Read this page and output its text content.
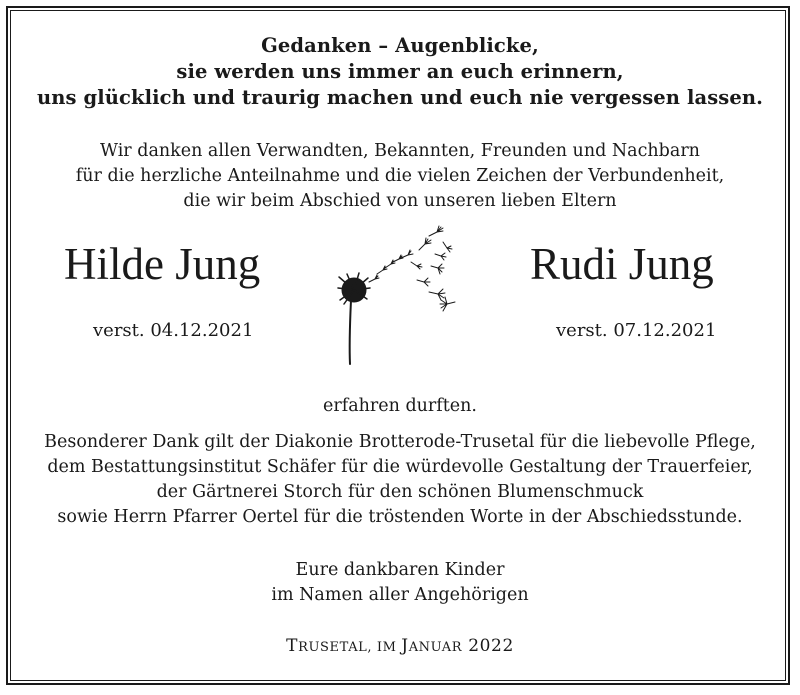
Gedanken – Augenblicke,
sie werden uns immer an euch erinnern,
uns glücklich und traurig machen und euch nie vergessen lassen.
Wir danken allen Verwandten, Bekannten, Freunden und Nachbarn
für die herzliche Anteilnahme und die vielen Zeichen der Verbundenheit,
die wir beim Abschied von unseren lieben Eltern
Hilde Jung	Rudi Jung
verst. 04.12.2021	verst. 07.12.2021
erfahren durften.
Besonderer Dank gilt der Diakonie Brotterode-Trusetal für die liebevolle Pflege,
dem Bestattungsinstitut Schäfer für die würdevolle Gestaltung der Trauerfeier,
der Gärtnerei Storch für den schönen Blumenschmuck
sowie Herrn Pfarrer Oertel für die tröstenden Worte in der Abschiedsstunde.
Eure dankbaren Kinder
im Namen aller Angehörigen
TRUSETAL, IM JANUAR 2022
